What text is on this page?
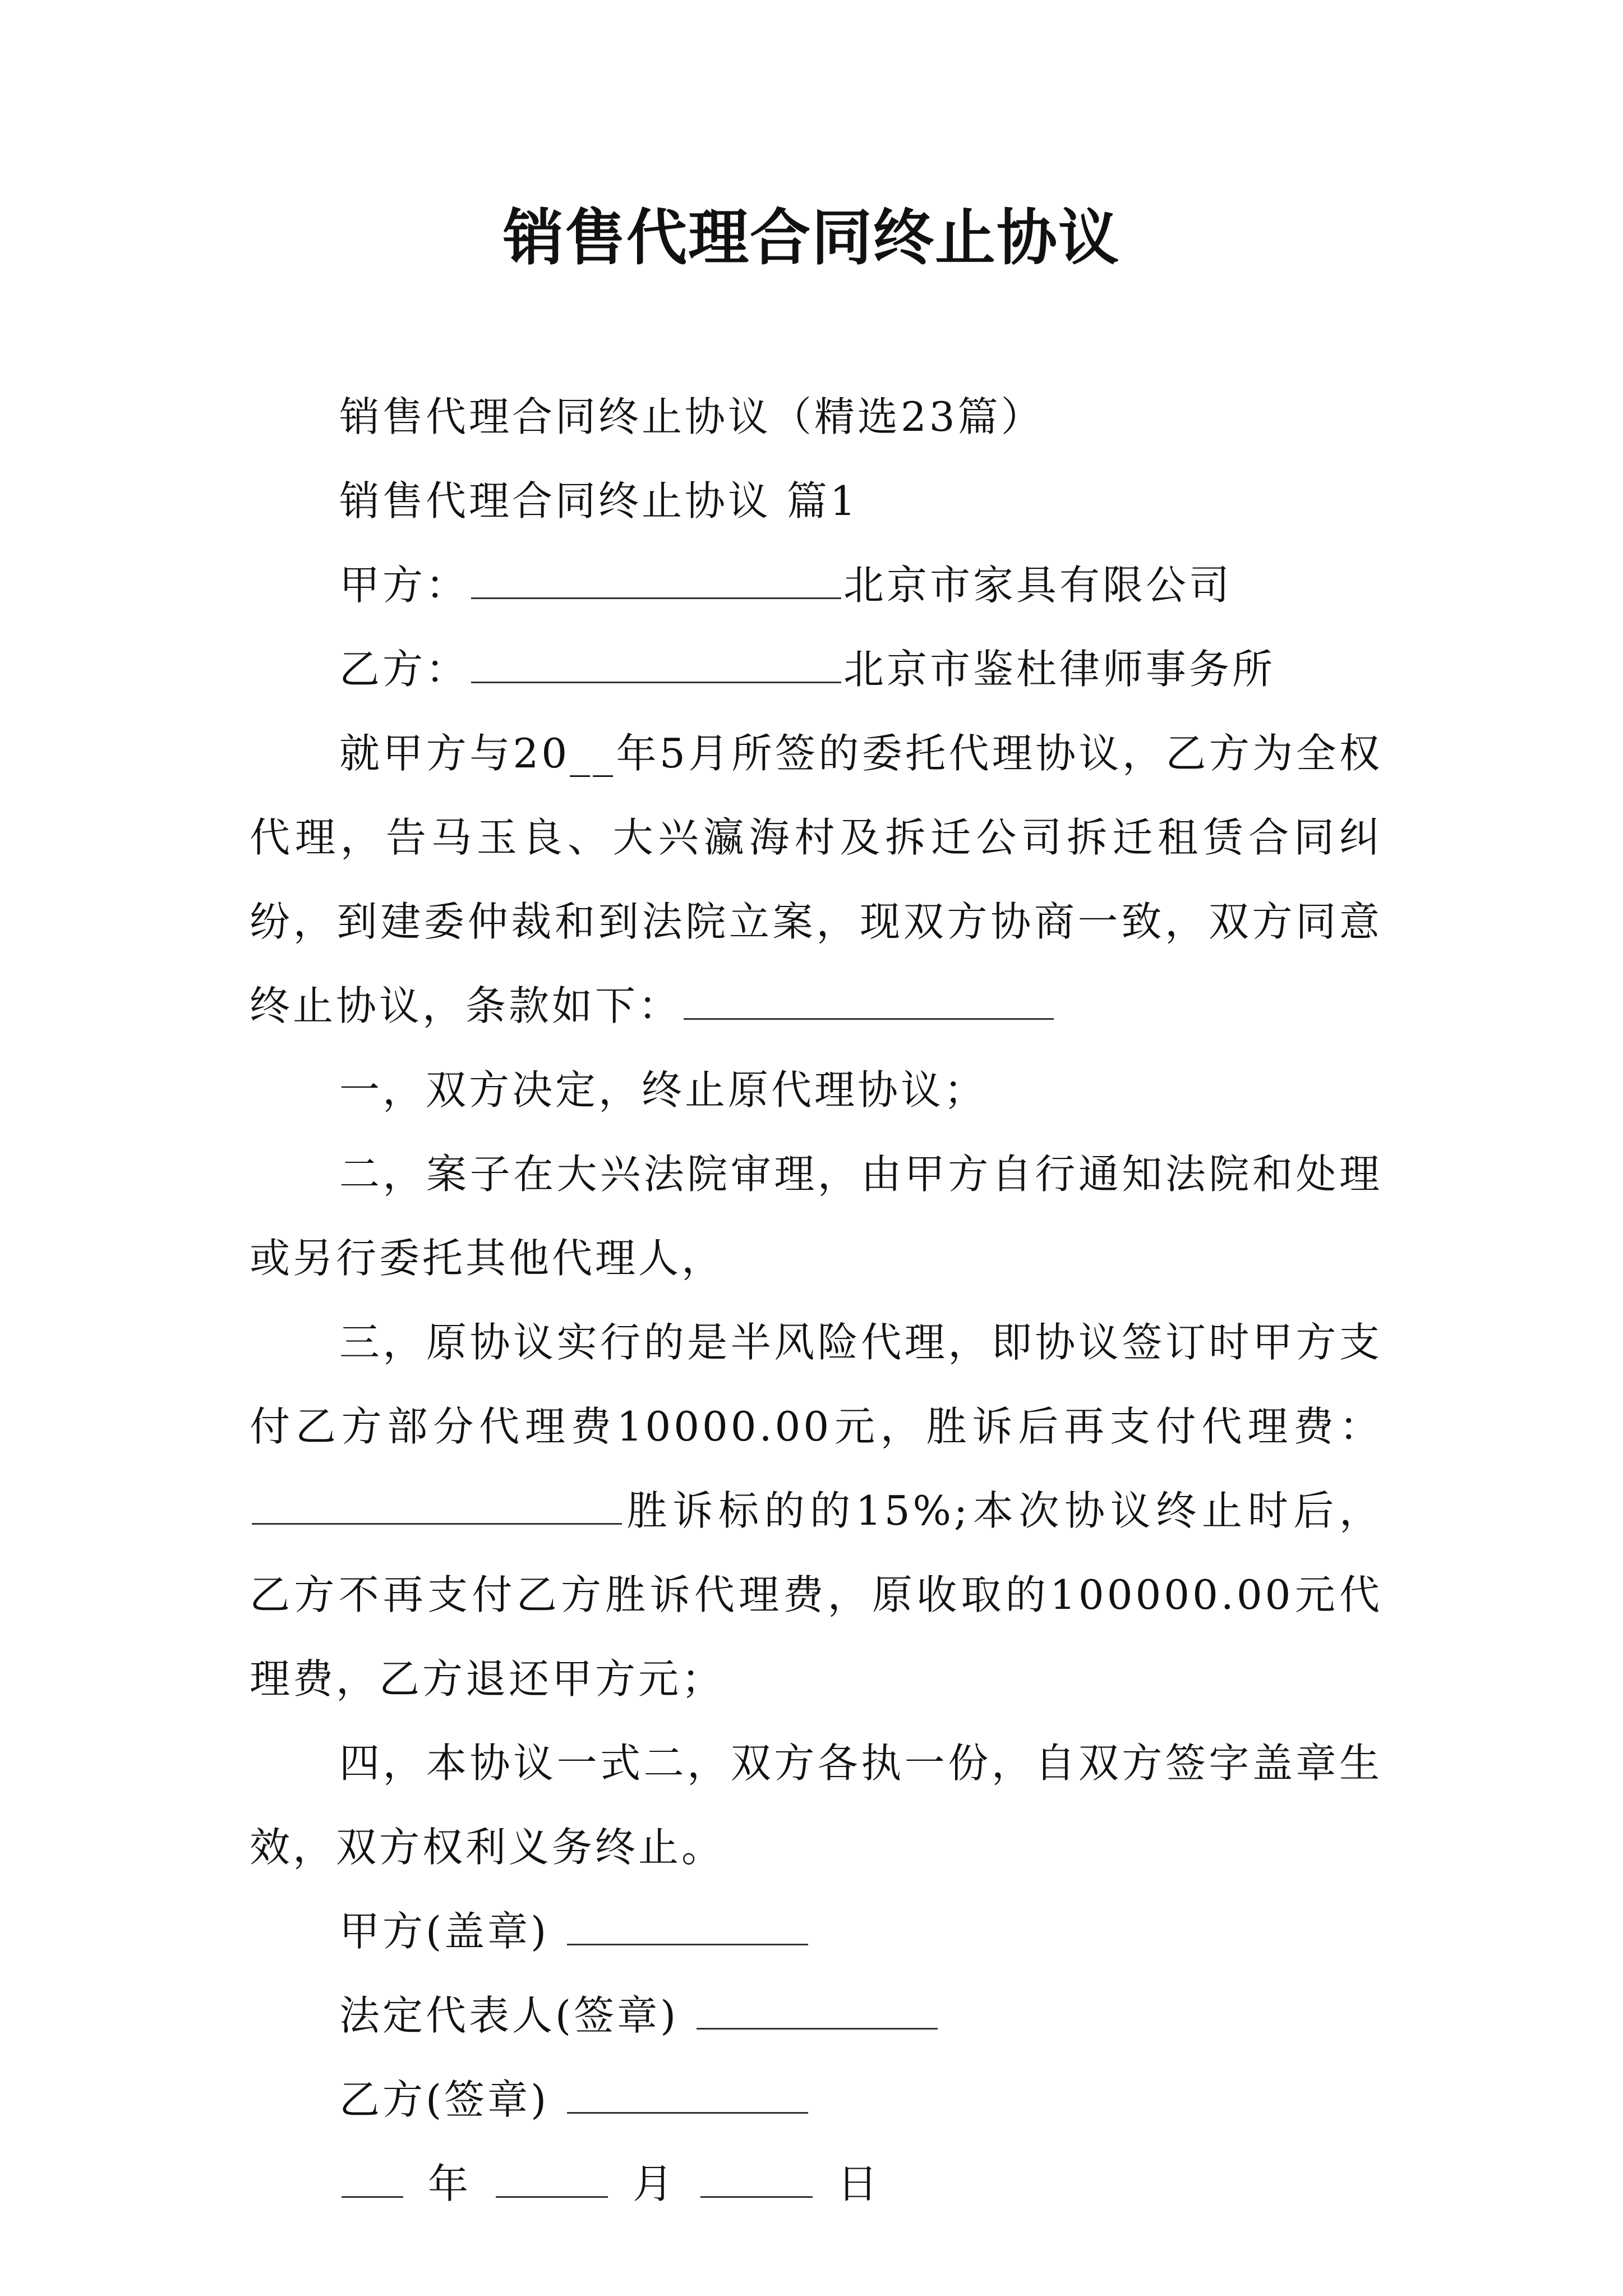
销售代理合同终止协议

销售代理合同终止协议（精选23篇）

销售代理合同终止协议 篇1

甲方：	北京市家具有限公司

乙方：	北京市鉴杜律师事务所

就甲方与20__年5月所签的委托代理协议，乙方为全权代理，告马玉良、大兴瀛海村及拆迁公司拆迁租赁合同纠纷，到建委仲裁和到法院立案，现双方协商一致，双方同意终止协议，条款如下：

一，双方决定，终止原代理协议；

二，案子在大兴法院审理，由甲方自行通知法院和处理或另行委托其他代理人，

三，原协议实行的是半风险代理，即协议签订时甲方支付乙方部分代理费10000.00元，胜诉后再支付代理费：胜诉标的的15%;本次协议终止时后，乙方不再支付乙方胜诉代理费，原收取的100000.00元代理费，乙方退还甲方元；

四，本协议一式二，双方各执一份，自双方签字盖章生效，双方权利义务终止。

甲方(盖章)

法定代表人(签章)

乙方(签章)

年	月	日
